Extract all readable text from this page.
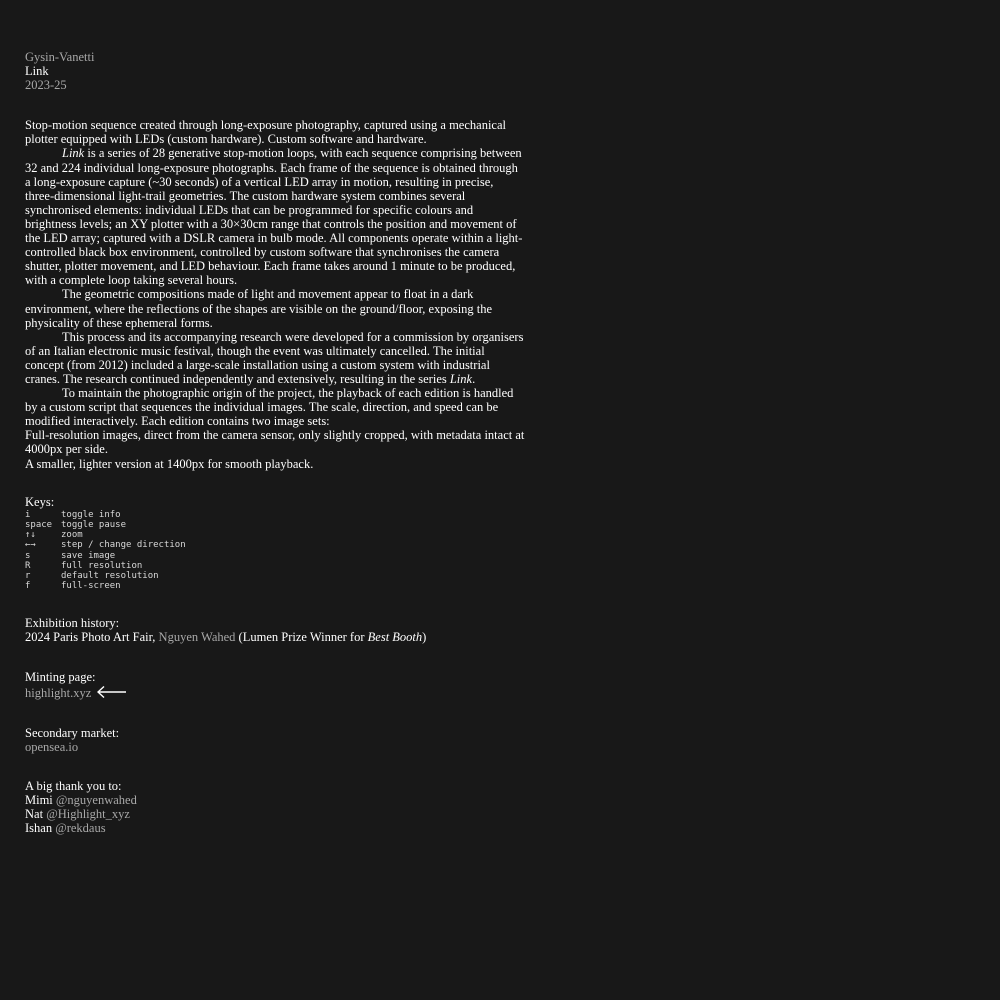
Gysin-Vanetti
Link
2023-25

Stop-motion sequence created through long-exposure photography, captured using a mechanical plotter equipped with LEDs (custom hardware). Custom software and hardware.

Link is a series of 28 generative stop-motion loops, with each sequence comprising between 32 and 224 individual long-exposure photographs. Each frame of the sequence is obtained through a long-exposure capture (~30 seconds) of a vertical LED array in motion, resulting in precise, three-dimensional light-trail geometries. The custom hardware system combines several synchronised elements: individual LEDs that can be programmed for specific colours and brightness levels; an XY plotter with a 30×30cm range that controls the position and movement of the LED array; captured with a DSLR camera in bulb mode. All components operate within a light-controlled black box environment, controlled by custom software that synchronises the camera shutter, plotter movement, and LED behaviour. Each frame takes around 1 minute to be produced, with a complete loop taking several hours.

The geometric compositions made of light and movement appear to float in a dark environment, where the reflections of the shapes are visible on the ground/floor, exposing the physicality of these ephemeral forms.

This process and its accompanying research were developed for a commission by organisers of an Italian electronic music festival, though the event was ultimately cancelled. The initial concept (from 2012) included a large-scale installation using a custom system with industrial cranes. The research continued independently and extensively, resulting in the series Link.

To maintain the photographic origin of the project, the playback of each edition is handled by a custom script that sequences the individual images. The scale, direction, and speed can be modified interactively. Each edition contains two image sets:

Full-resolution images, direct from the camera sensor, only slightly cropped, with metadata intact at 4000px per side.

A smaller, lighter version at 1400px for smooth playback.

Keys:
i	toggle info
space toggle pause
↑↓	zoom
←→	step / change direction
s	save image
R	full resolution
r	default resolution
f	full-screen
Exhibition history:
2024 Paris Photo Art Fair, Nguyen Wahed (Lumen Prize Winner for Best Booth)
Minting page:
highlight.xyz
Secondary market:
opensea.io
A big thank you to:
Mimi @nguyenwahed
Nat @Highlight_xyz
Ishan @rekdaus
